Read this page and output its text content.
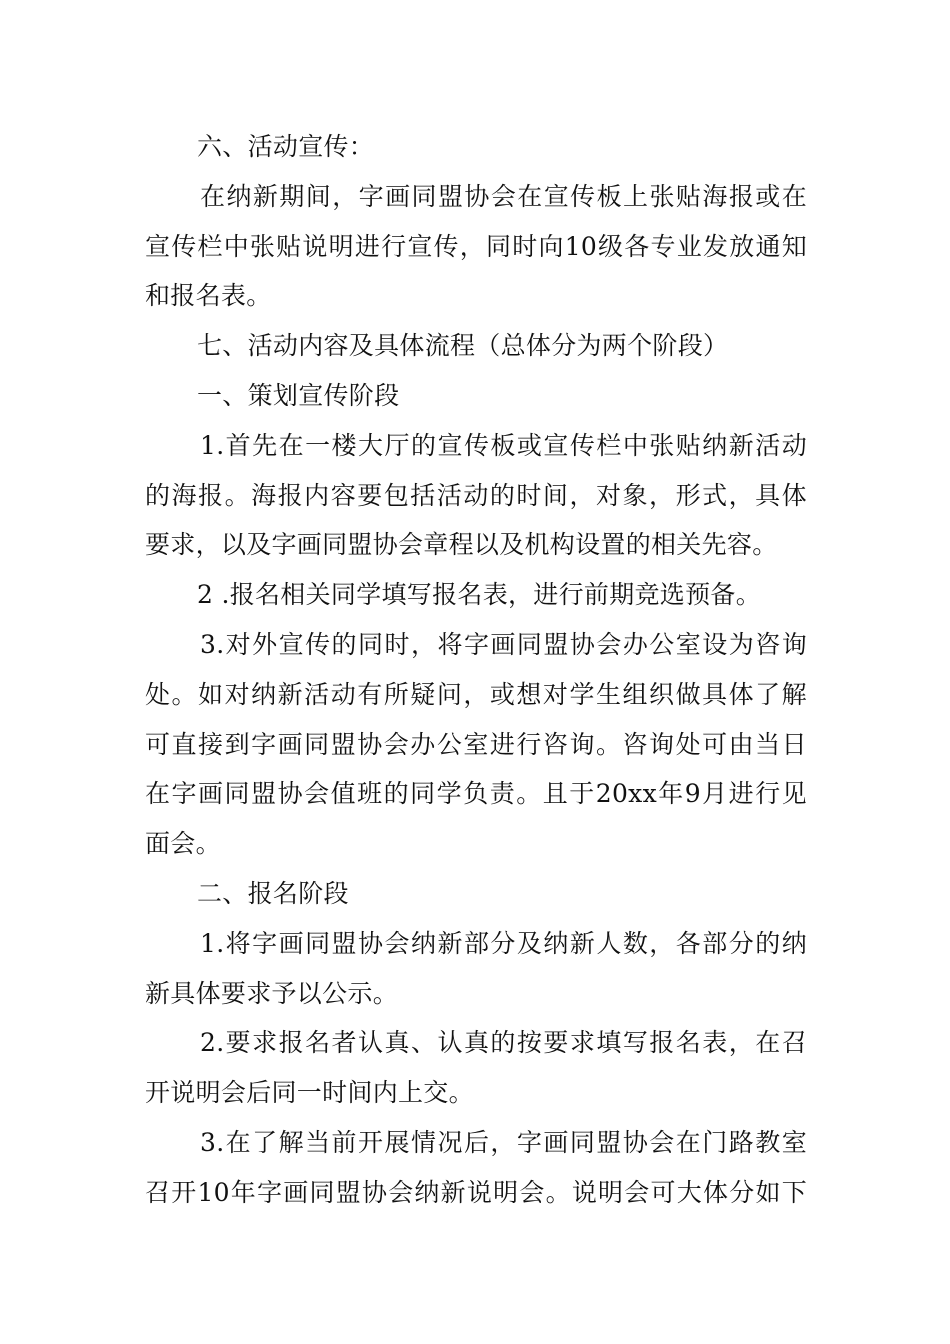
六、活动宣传：
在纳新期间，字画同盟协会在宣传板上张贴海报或在
宣传栏中张贴说明进行宣传，同时向10级各专业发放通知
和报名表。
七、活动内容及具体流程（总体分为两个阶段）
一、策划宣传阶段
1.首先在一楼大厅的宣传板或宣传栏中张贴纳新活动
的海报。海报内容要包括活动的时间，对象，形式，具体
要求，以及字画同盟协会章程以及机构设置的相关先容。
2 .报名相关同学填写报名表，进行前期竞选预备。
3.对外宣传的同时，将字画同盟协会办公室设为咨询
处。如对纳新活动有所疑问，或想对学生组织做具体了解
可直接到字画同盟协会办公室进行咨询。咨询处可由当日
在字画同盟协会值班的同学负责。且于20xx年9月进行见
面会。
二、报名阶段
1.将字画同盟协会纳新部分及纳新人数，各部分的纳
新具体要求予以公示。
2.要求报名者认真、认真的按要求填写报名表，在召
开说明会后同一时间内上交。
3.在了解当前开展情况后，字画同盟协会在门路教室
召开10年字画同盟协会纳新说明会。说明会可大体分如下
